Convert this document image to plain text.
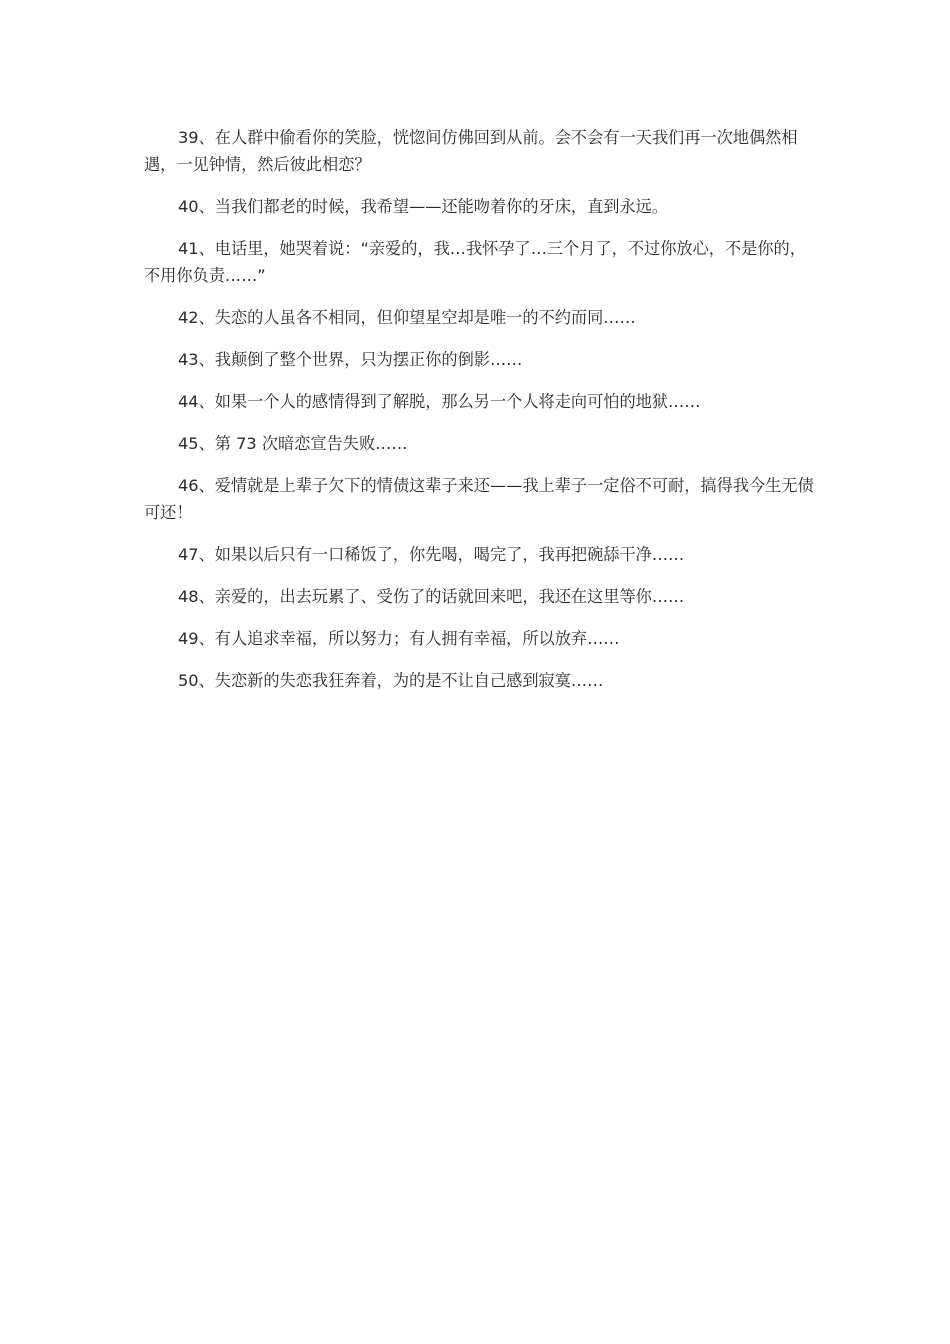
39、在人群中偷看你的笑脸，恍惚间仿佛回到从前。会不会有一天我们再一次地偶然相遇，一见钟情，然后彼此相恋？

40、当我们都老的时候，我希望——还能吻着你的牙床，直到永远。

41、电话里，她哭着说：“亲爱的，我…我怀孕了…三个月了，不过你放心，不是你的，不用你负责……”

42、失恋的人虽各不相同，但仰望星空却是唯一的不约而同……

43、我颠倒了整个世界，只为摆正你的倒影……

44、如果一个人的感情得到了解脱，那么另一个人将走向可怕的地狱……

45、第 73 次暗恋宣告失败……

46、爱情就是上辈子欠下的情债这辈子来还——我上辈子一定俗不可耐，搞得我今生无债可还！

47、如果以后只有一口稀饭了，你先喝，喝完了，我再把碗舔干净……

48、亲爱的，出去玩累了、受伤了的话就回来吧，我还在这里等你……

49、有人追求幸福，所以努力；有人拥有幸福，所以放弃……

50、失恋新的失恋我狂奔着，为的是不让自己感到寂寞……
